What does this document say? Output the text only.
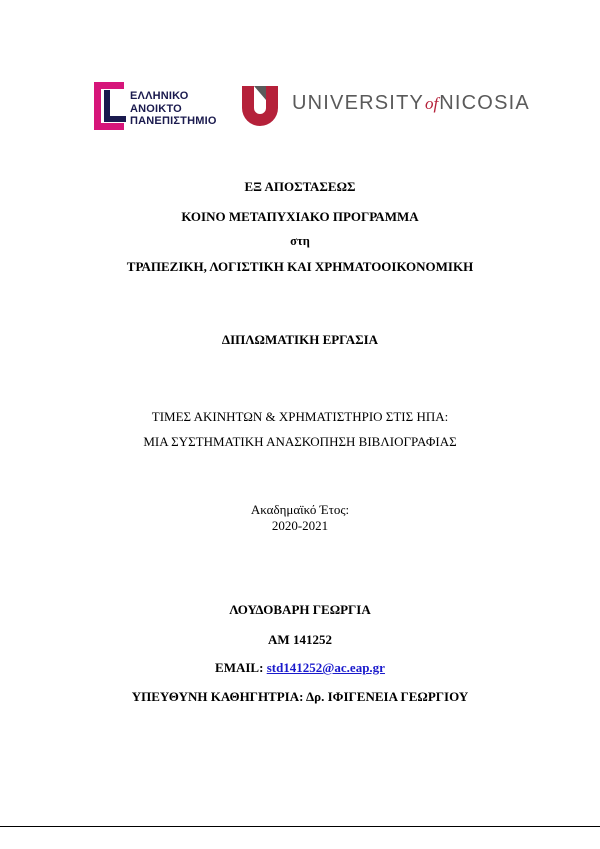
ΕΛΛΗΝΙΚΟ
ΑΝΟΙΚΤΟ
ΠΑΝΕΠΙΣΤΗΜΙΟ
UNIVERSITYofNICOSIA
ΕΞ ΑΠΟΣΤΑΣΕΩΣ
ΚΟΙΝΟ ΜΕΤΑΠΥΧΙΑΚΟ ΠΡΟΓΡΑΜΜΑ
στη
ΤΡΑΠΕΖΙΚΗ, ΛΟΓΙΣΤΙΚΗ ΚΑΙ ΧΡΗΜΑΤΟΟΙΚΟΝΟΜΙΚΗ
ΔΙΠΛΩΜΑΤΙΚΗ ΕΡΓΑΣΙΑ
ΤΙΜΕΣ ΑΚΙΝΗΤΩΝ & ΧΡΗΜΑΤΙΣΤΗΡΙΟ ΣΤΙΣ ΗΠΑ:
ΜΙΑ ΣΥΣΤΗΜΑΤΙΚΗ ΑΝΑΣΚΟΠΗΣΗ ΒΙΒΛΙΟΓΡΑΦΙΑΣ
Ακαδημαϊκό Έτος:
2020-2021
ΛΟΥΔΟΒΑΡΗ ΓΕΩΡΓΙΑ
ΑΜ 141252
EMAIL: std141252@ac.eap.gr
ΥΠΕΥΘΥΝΗ ΚΑΘΗΓΗΤΡΙΑ: Δρ. ΙΦΙΓΕΝΕΙΑ ΓΕΩΡΓΙΟΥ
